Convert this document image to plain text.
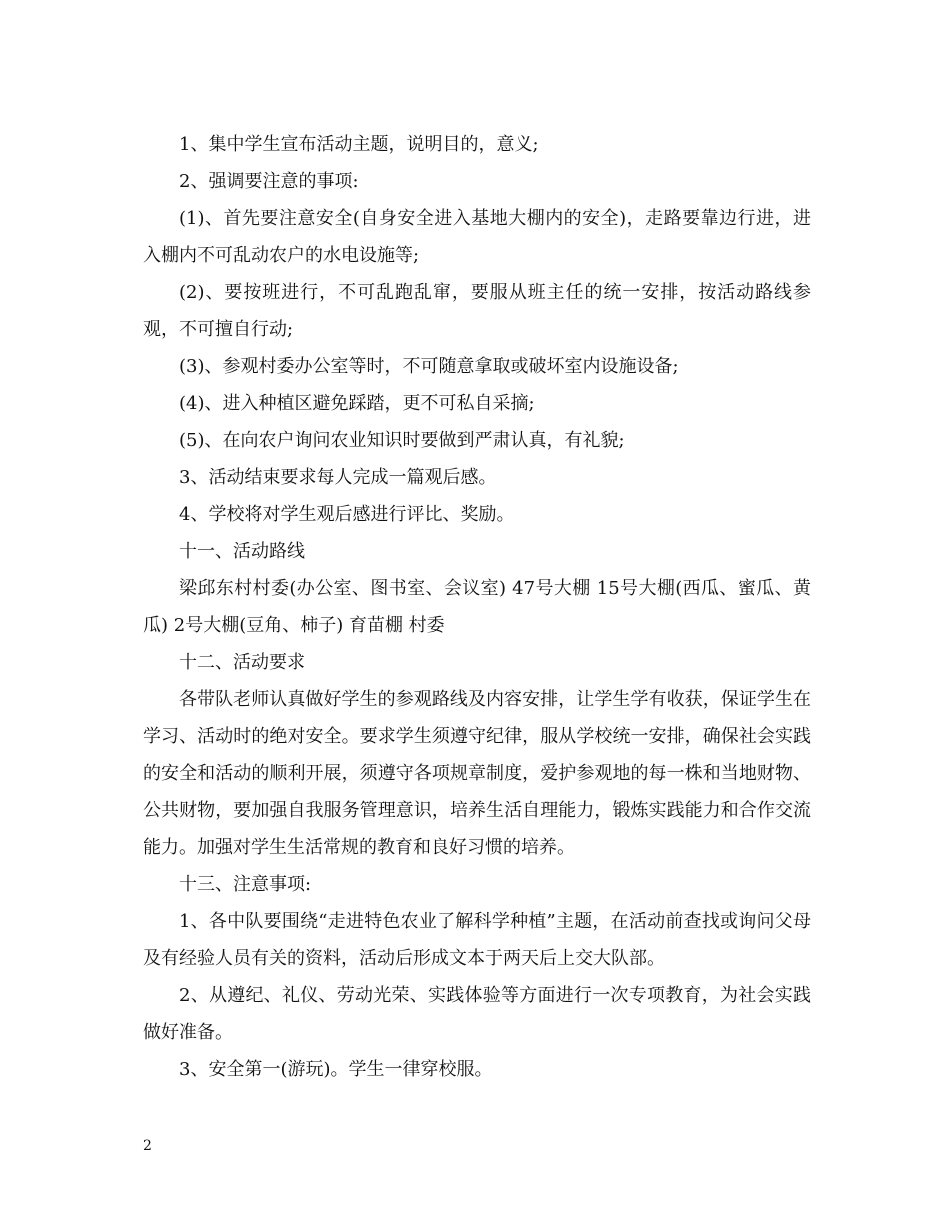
1、集中学生宣布活动主题，说明目的，意义;

2、强调要注意的事项:

(1)、首先要注意安全(自身安全进入基地大棚内的安全)，走路要靠边行进，进入棚内不可乱动农户的水电设施等;

(2)、要按班进行，不可乱跑乱窜，要服从班主任的统一安排，按活动路线参观，不可擅自行动;

(3)、参观村委办公室等时，不可随意拿取或破坏室内设施设备;

(4)、进入种植区避免踩踏，更不可私自采摘;

(5)、在向农户询问农业知识时要做到严肃认真，有礼貌;

3、活动结束要求每人完成一篇观后感。

4、学校将对学生观后感进行评比、奖励。

十一、活动路线

梁邱东村村委(办公室、图书室、会议室) 47号大棚 15号大棚(西瓜、蜜瓜、黄瓜) 2号大棚(豆角、柿子) 育苗棚 村委

十二、活动要求

各带队老师认真做好学生的参观路线及内容安排，让学生学有收获，保证学生在学习、活动时的绝对安全。要求学生须遵守纪律，服从学校统一安排，确保社会实践的安全和活动的顺利开展，须遵守各项规章制度，爱护参观地的每一株和当地财物、公共财物，要加强自我服务管理意识，培养生活自理能力，锻炼实践能力和合作交流能力。加强对学生生活常规的教育和良好习惯的培养。

十三、注意事项:

1、各中队要围绕“走进特色农业了解科学种植”主题，在活动前查找或询问父母及有经验人员有关的资料，活动后形成文本于两天后上交大队部。

2、从遵纪、礼仪、劳动光荣、实践体验等方面进行一次专项教育，为社会实践做好准备。

3、安全第一(游玩)。学生一律穿校服。

2
